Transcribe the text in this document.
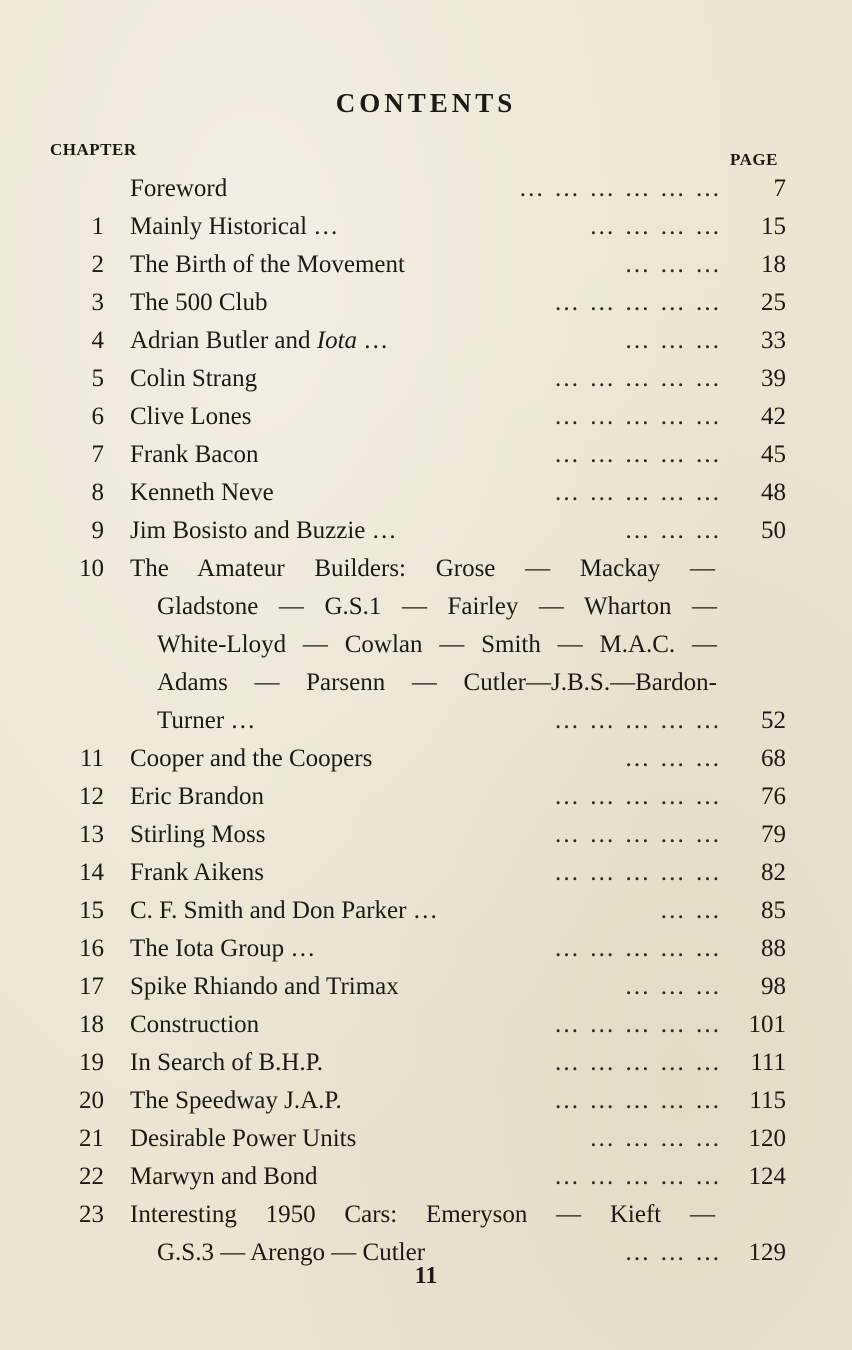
CONTENTS
CHAPTER
PAGE
Foreword	… … … … … … 7
1 Mainly Historical …	… … … … 15
2 The Birth of the Movement	… … … 18
3 The 500 Club	… … … … … 25
4 Adrian Butler and Iota …	… … … 33
5 Colin Strang	… … … … … 39
6 Clive Lones	… … … … … 42
7 Frank Bacon	… … … … … 45
8 Kenneth Neve	… … … … … 48
9 Jim Bosisto and Buzzie …	… … … 50
10 The Amateur Builders: Grose — Mackay —
Gladstone — G.S.1 — Fairley — Wharton —
White-Lloyd — Cowlan — Smith — M.A.C. —
Adams — Parsenn — Cutler—J.B.S.—Bardon-
Turner …	… … … … … 52
11 Cooper and the Coopers	… … … 68
12 Eric Brandon	… … … … … 76
13 Stirling Moss	… … … … … 79
14 Frank Aikens	… … … … … 82
15 C. F. Smith and Don Parker …	… … 85
16 The Iota Group …	… … … … … 88
17 Spike Rhiando and Trimax	… … … 98
18 Construction	… … … … … 101
19 In Search of B.H.P.	… … … … … 111
20 The Speedway J.A.P.	… … … … … 115
21 Desirable Power Units	… … … … 120
22 Marwyn and Bond	… … … … … 124
23 Interesting 1950 Cars: Emeryson — Kieft —
G.S.3 — Arengo — Cutler	… … … 129
11
